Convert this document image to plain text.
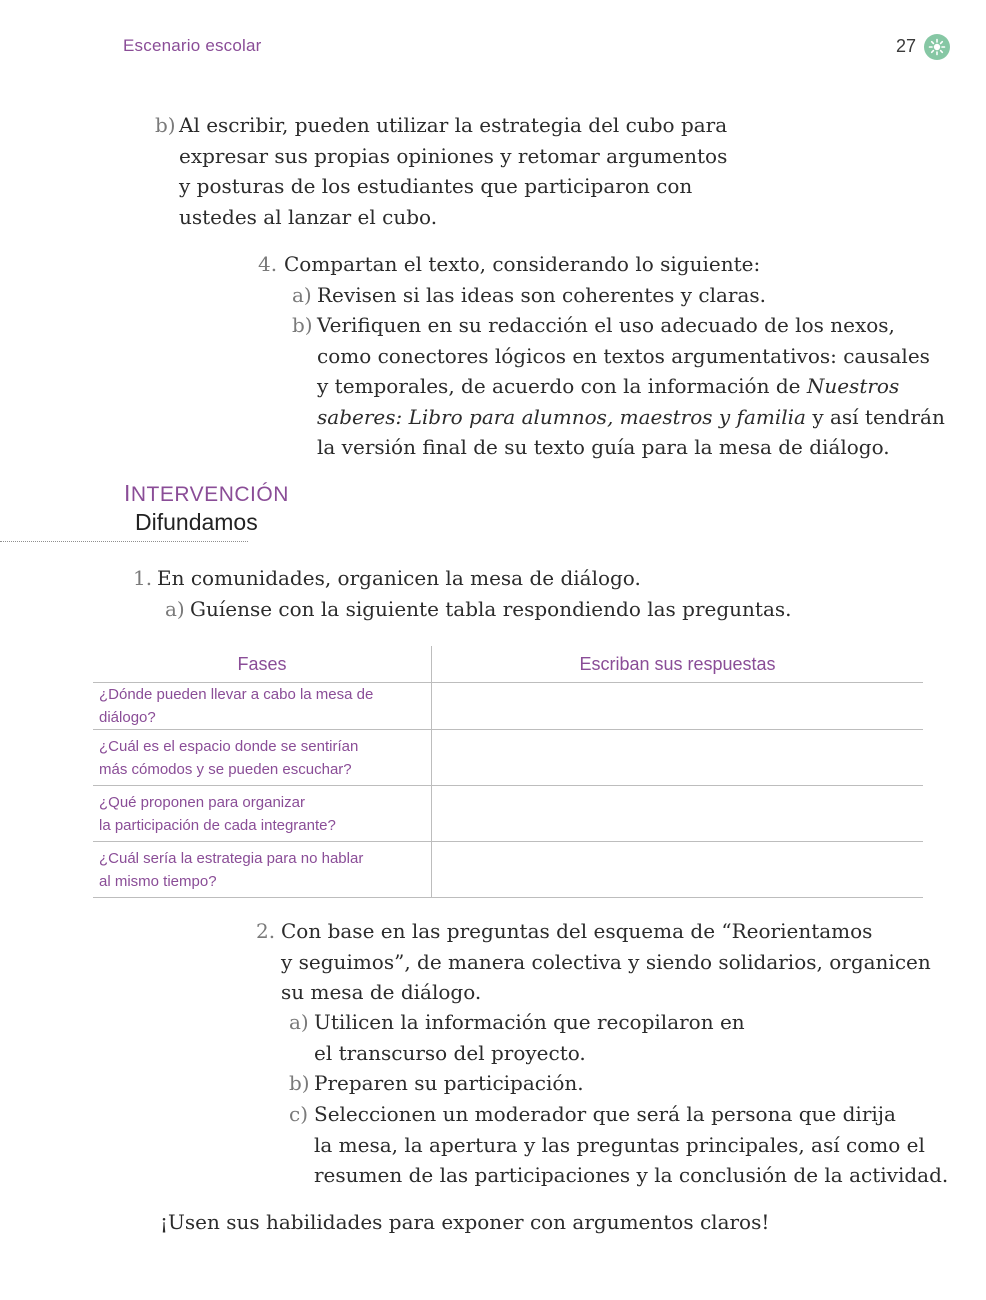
Escenario escolar	27
b) Al escribir, pueden utilizar la estrategia del cubo para
expresar sus propias opiniones y retomar argumentos
y posturas de los estudiantes que participaron con
ustedes al lanzar el cubo.
4. Compartan el texto, considerando lo siguiente:
a) Revisen si las ideas son coherentes y claras.
b) Verifiquen en su redacción el uso adecuado de los nexos,
como conectores lógicos en textos argumentativos: causales
y temporales, de acuerdo con la información de Nuestros
saberes: Libro para alumnos, maestros y familia y así tendrán
la versión final de su texto guía para la mesa de diálogo.
INTERVENCIÓN
Difundamos
1. En comunidades, organicen la mesa de diálogo.
a) Guíense con la siguiente tabla respondiendo las preguntas.
Fases	Escriban sus respuestas
¿Dónde pueden llevar a cabo la mesa de diálogo?	

¿Cuál es el espacio donde se sentirían
más cómodos y se pueden escuchar?	

¿Qué proponen para organizar
la participación de cada integrante?	

¿Cuál sería la estrategia para no hablar
al mismo tiempo?	

2. Con base en las preguntas del esquema de “Reorientamos
y seguimos”, de manera colectiva y siendo solidarios, organicen
su mesa de diálogo.
a) Utilicen la información que recopilaron en
el transcurso del proyecto.
b) Preparen su participación.
c) Seleccionen un moderador que será la persona que dirija
la mesa, la apertura y las preguntas principales, así como el
resumen de las participaciones y la conclusión de la actividad.
¡Usen sus habilidades para exponer con argumentos claros!
